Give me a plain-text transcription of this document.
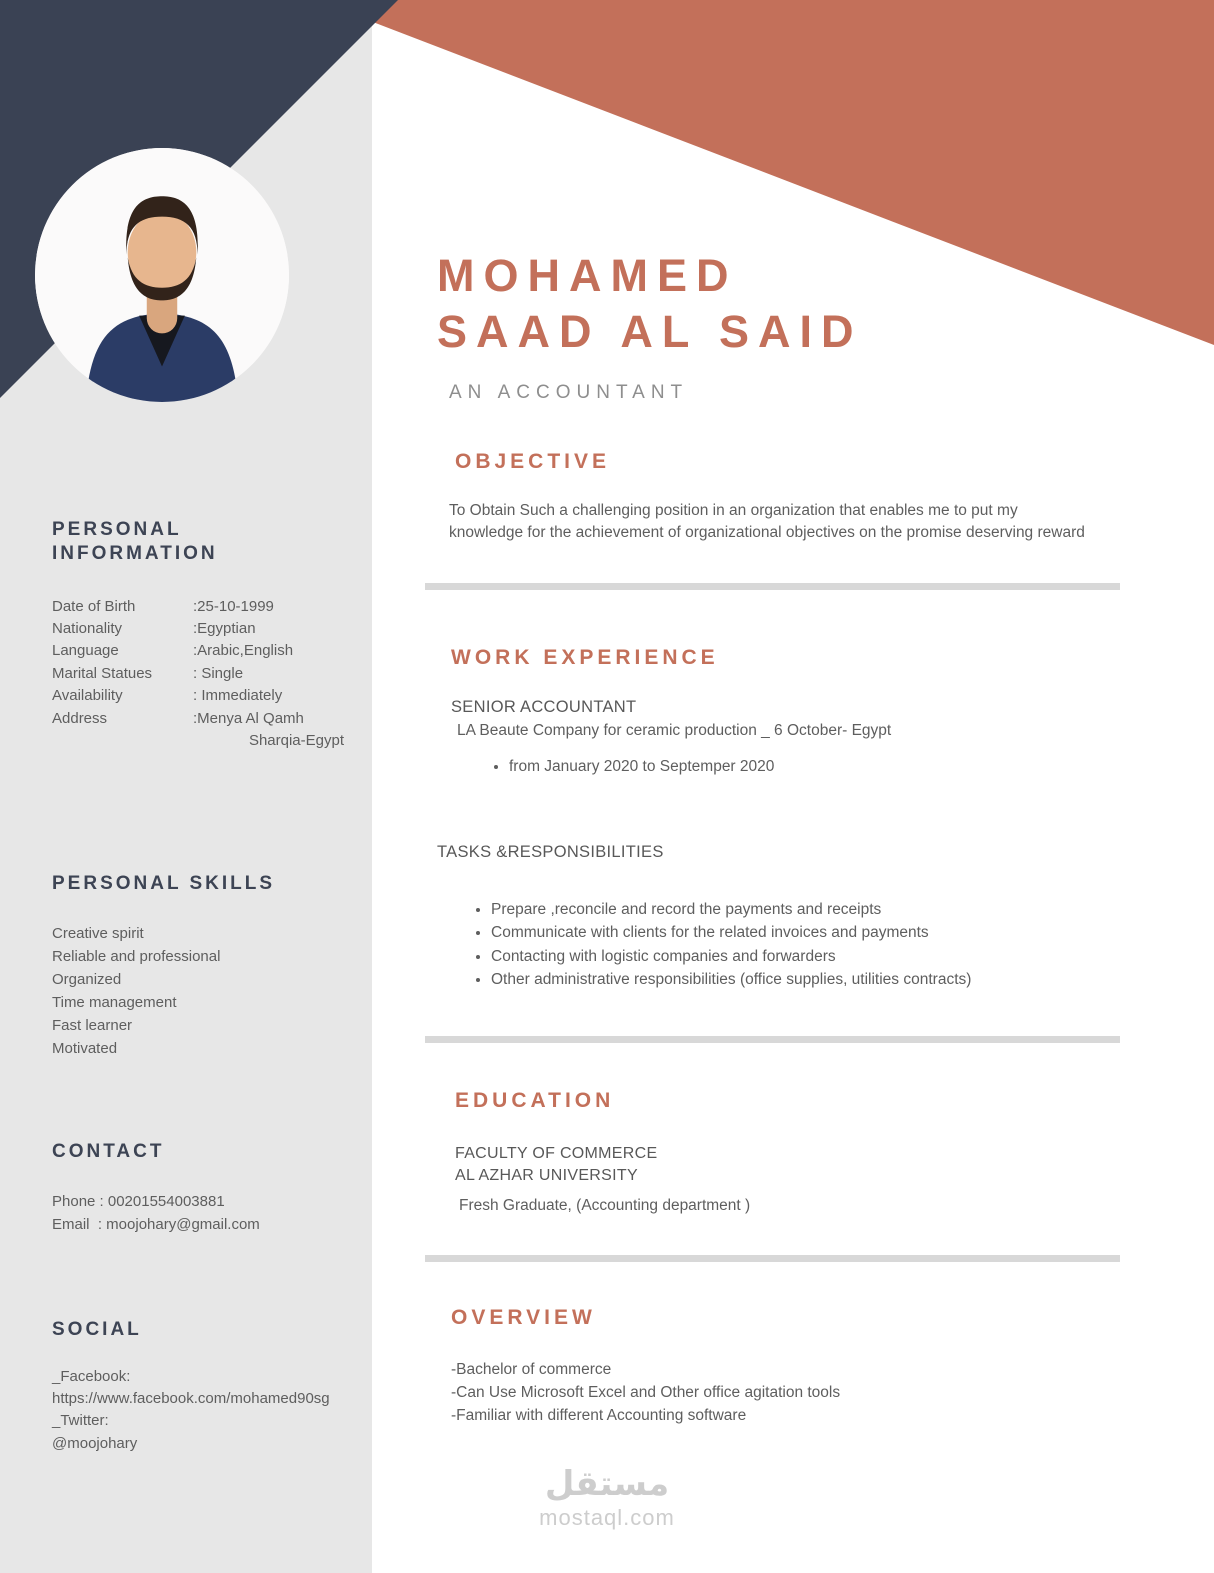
PERSONAL INFORMATION
Date of Birth	:25-10-1999
Nationality	:Egyptian
Language	:Arabic,English
Marital Statues	: Single
Availability	: Immediately
Address	:Menya Al Qamh
Sharqia-Egypt
PERSONAL SKILLS
Creative spirit
Reliable and professional
Organized
Time management
Fast learner
Motivated
CONTACT
Phone : 00201554003881
Email  : moojohary@gmail.com
SOCIAL
_Facebook:
https://www.facebook.com/mohamed90sg
_Twitter:
@moojohary
MOHAMED
SAAD AL SAID
AN ACCOUNTANT
OBJECTIVE

To Obtain Such a challenging position in an organization that enables me to put my knowledge for the achievement of organizational objectives on the promise deserving reward

WORK EXPERIENCE
SENIOR ACCOUNTANT
LA Beaute Company for ceramic production _ 6 October- Egypt
• from January 2020 to Septemper 2020
TASKS &RESPONSIBILITIES
• Prepare ,reconcile and record the payments and receipts
• Communicate with clients for the related invoices and payments
• Contacting with logistic companies and forwarders
• Other administrative responsibilities (office supplies, utilities contracts)
EDUCATION
FACULTY OF COMMERCE
AL AZHAR UNIVERSITY
Fresh Graduate, (Accounting department )
OVERVIEW
-Bachelor of commerce
-Can Use Microsoft Excel and Other office agitation tools
-Familiar with different Accounting software
مستقل
mostaql.com
